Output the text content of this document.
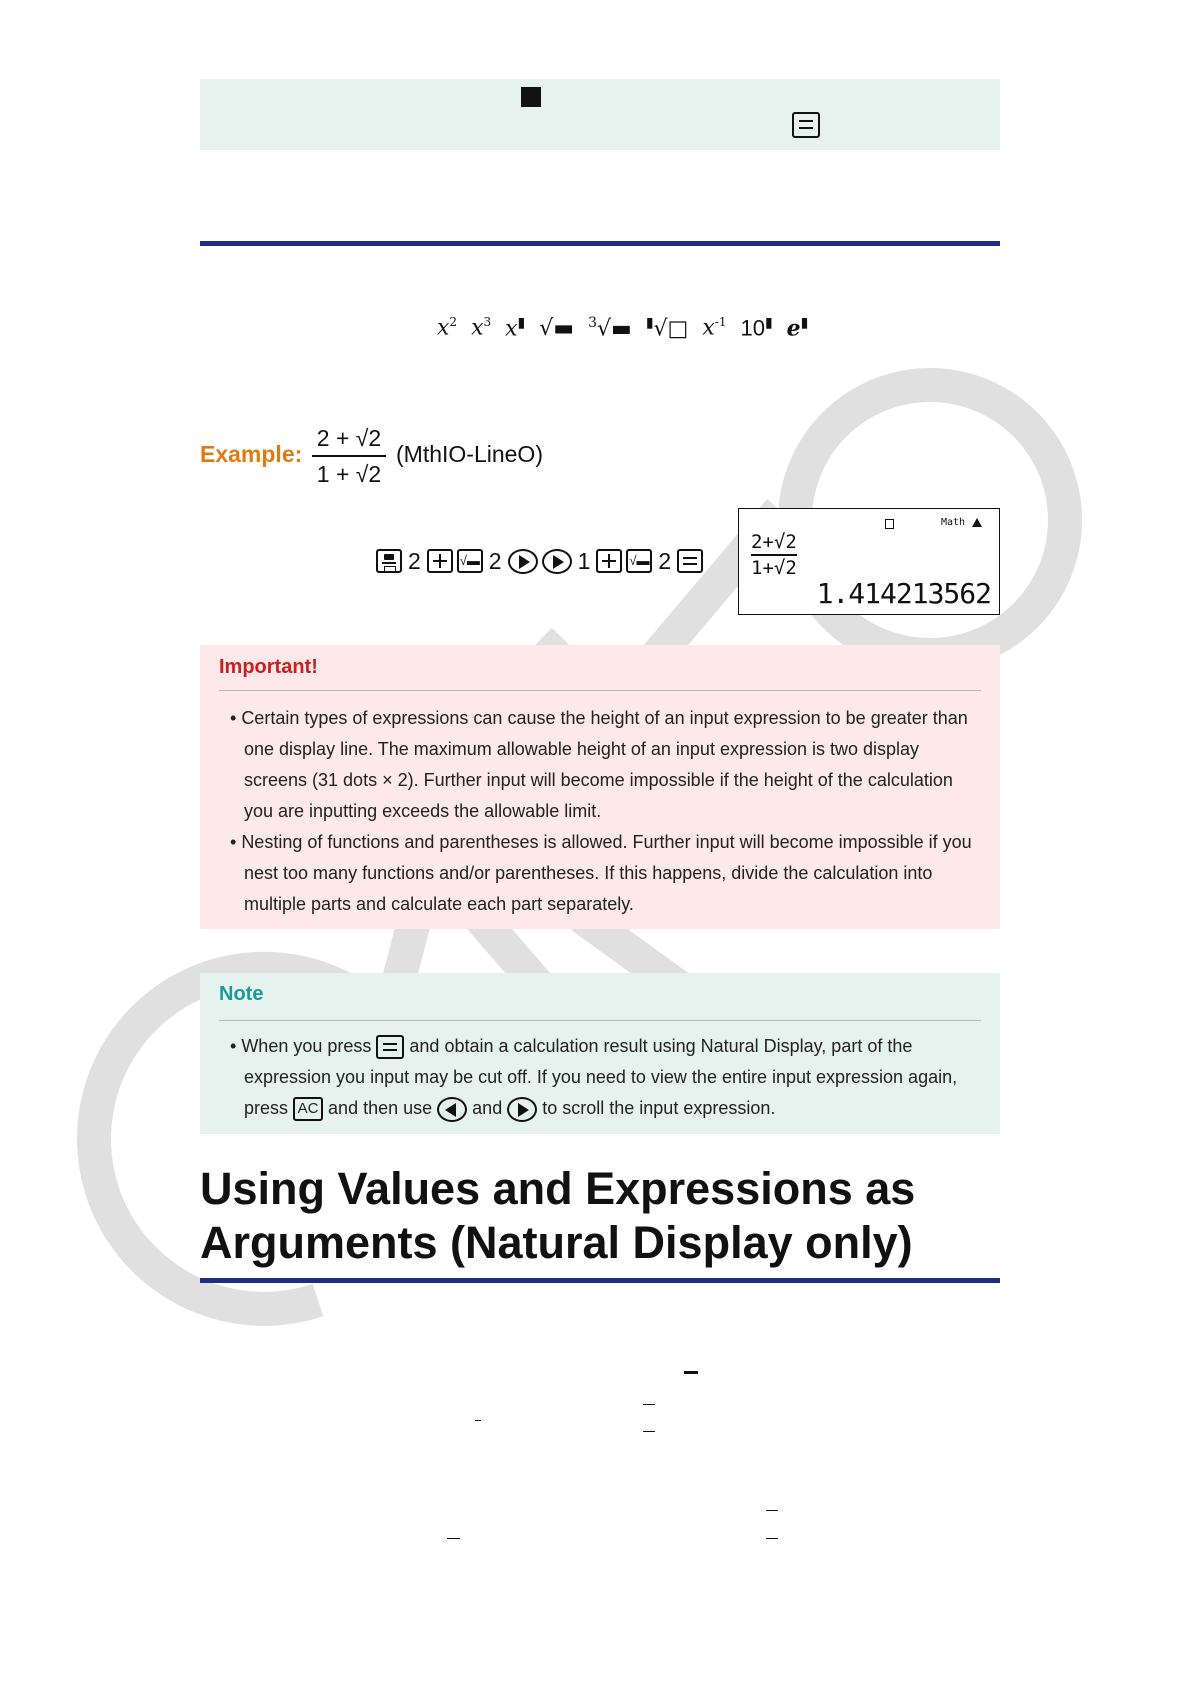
$x^2$ $x^3$ x▮ √▬ $^3$√▬ ▮√□ $x^{-1}$ 10▮ e▮
Example:
2 + √2
1 + √2
(MthIO-LineO)
2	√▬ 2	1	√▬ 2
Math
2+√2
1+√2
1.414213562
Important!
• Certain types of expressions can cause the height of an input expression to be greater than one display line. The maximum allowable height of an input expression is two display screens (31 dots × 2). Further input will become impossible if the height of the calculation you are inputting exceeds the allowable limit.
• Nesting of functions and parentheses is allowed. Further input will become impossible if you nest too many functions and/or parentheses. If this happens, divide the calculation into multiple parts and calculate each part separately.
Note
• When you press and obtain a calculation result using Natural Display, part of the expression you input may be cut off. If you need to view the entire input expression again, press AC and then use and to scroll the input expression.
Using Values and Expressions as
Arguments (Natural Display only)
